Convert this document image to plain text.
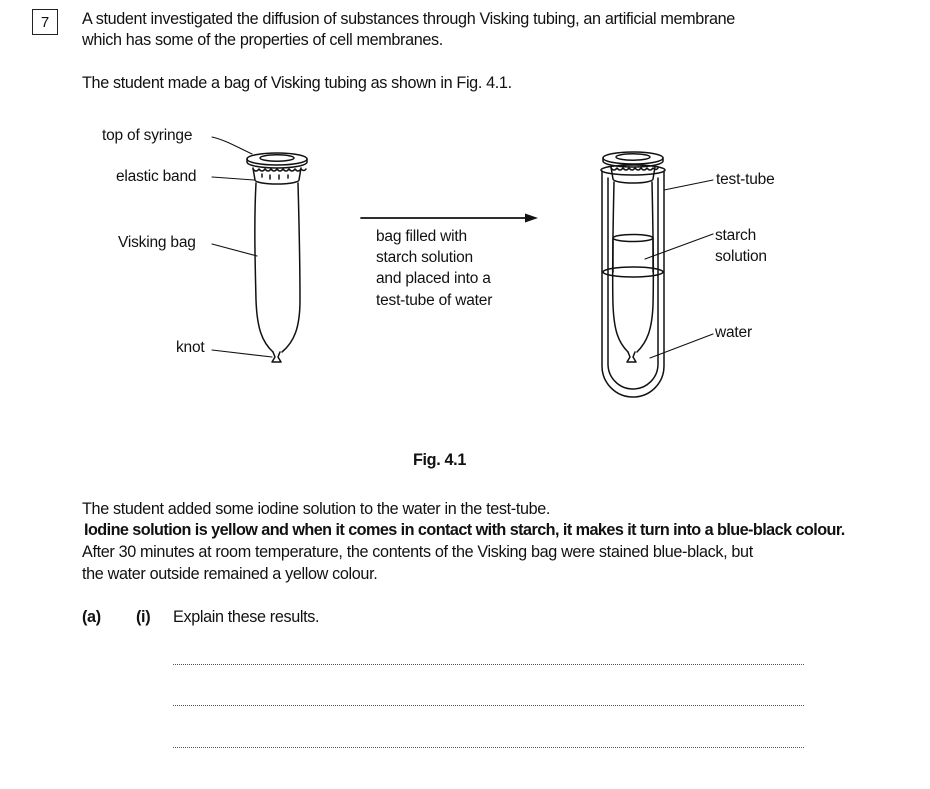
7 A student investigated the diffusion of substances through Visking tubing, an artificial membrane
which has some of the properties of cell membranes.
The student made a bag of Visking tubing as shown in Fig. 4.1.
top of syringe
elastic band
Visking bag
knot
bag filled with
starch solution
and placed into a
test-tube of water
test-tube
starch
solution
water
Fig. 4.1
The student added some iodine solution to the water in the test-tube.
Iodine solution is yellow and when it comes in contact with starch, it makes it turn into a blue-black colour.
After 30 minutes at room temperature, the contents of the Visking bag were stained blue-black, but
the water outside remained a yellow colour.
(a) (i) Explain these results.
